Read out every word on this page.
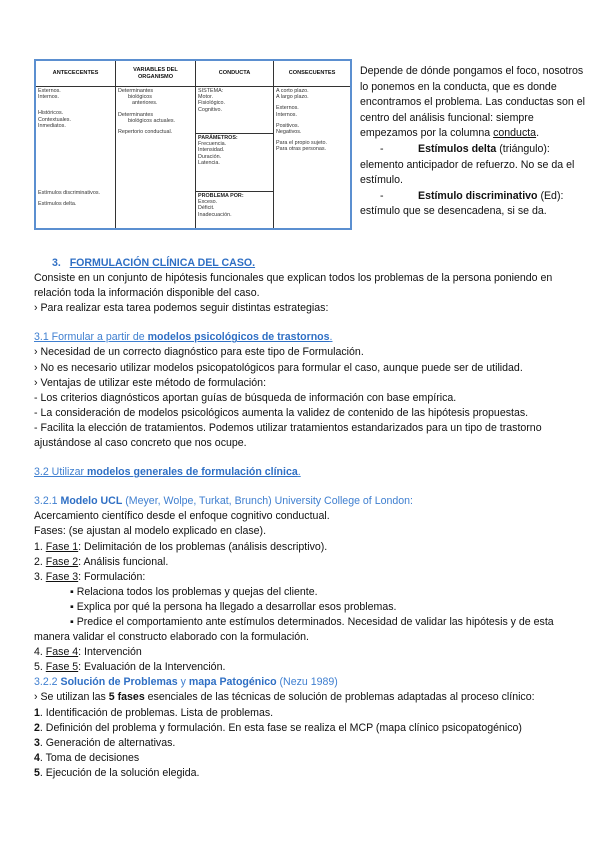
ANTECECENTES
Externos.
Internos.
Históricos.
Contextuales.
Inmediatos.
Estímulos discriminativos.
Estímulos delta.
VARIABLES DEL ORGANISMO
Determinantes
biológicos
anteriores.
Determinantes
biológicos actuales.
Repertorio conductual.
CONDUCTA
SISTEMA:
Motor.
Fisiológico.
Cognitivo.
PARÁMETROS:
Frecuencia.
Intensidad.
Duración.
Latencia.
PROBLEMA POR:
Exceso.
Déficit.
Inadecuación.
CONSECUENTES
A corto plazo.
A largo plazo.
Externos.
Internos.
Positivos.
Negativos.
Para el propio sujeto.
Para otras personas.

Depende de dónde pongamos el foco, nosotros lo ponemos en la conducta, que es donde encontramos el problema. Las conductas son el centro del análisis funcional: siempre empezamos por la columna conducta.

-	Estímulos delta (triángulo): elemento anticipador de refuerzo. No se da el estímulo.

-	Estímulo discriminativo (Ed): estímulo que se desencadena, si se da.

3. FORMULACIÓN CLÍNICA DEL CASO.

Consiste en un conjunto de hipótesis funcionales que explican todos los problemas de la persona poniendo en relación toda la información disponible del caso.

› Para realizar esta tarea podemos seguir distintas estrategias:

3.1 Formular a partir de modelos psicológicos de trastornos.

› Necesidad de un correcto diagnóstico para este tipo de Formulación.

› No es necesario utilizar modelos psicopatológicos para formular el caso, aunque puede ser de utilidad.

› Ventajas de utilizar este método de formulación:

- Los criterios diagnósticos aportan guías de búsqueda de información con base empírica.

- La consideración de modelos psicológicos aumenta la validez de contenido de las hipótesis propuestas.

- Facilita la elección de tratamientos. Podemos utilizar tratamientos estandarizados para un tipo de trastorno ajustándose al caso concreto que nos ocupe.

3.2 Utilizar modelos generales de formulación clínica.

3.2.1 Modelo UCL (Meyer, Wolpe, Turkat, Brunch) University College of London:

Acercamiento científico desde el enfoque cognitivo conductual.

Fases: (se ajustan al modelo explicado en clase).

1. Fase 1: Delimitación de los problemas (análisis descriptivo).

2. Fase 2: Análisis funcional.

3. Fase 3: Formulación:

▪ Relaciona todos los problemas y quejas del cliente.

▪ Explica por qué la persona ha llegado a desarrollar esos problemas.

▪ Predice el comportamiento ante estímulos determinados. Necesidad de validar las hipótesis y de esta manera validar el constructo elaborado con la formulación.

4. Fase 4: Intervención

5. Fase 5: Evaluación de la Intervención.

3.2.2 Solución de Problemas y mapa Patogénico (Nezu 1989)

› Se utilizan las 5 fases esenciales de las técnicas de solución de problemas adaptadas al proceso clínico:

1. Identificación de problemas. Lista de problemas.

2. Definición del problema y formulación. En esta fase se realiza el MCP (mapa clínico psicopatogénico)

3. Generación de alternativas.

4. Toma de decisiones

5. Ejecución de la solución elegida.
